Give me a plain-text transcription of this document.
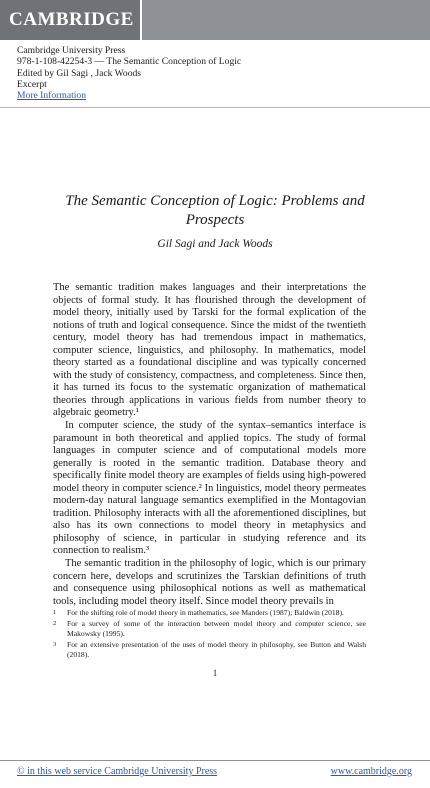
CAMBRIDGE
Cambridge University Press
978-1-108-42254-3 — The Semantic Conception of Logic
Edited by Gil Sagi , Jack Woods
Excerpt
More Information
The Semantic Conception of Logic: Problems and Prospects
Gil Sagi and Jack Woods

The semantic tradition makes languages and their interpretations the objects of formal study. It has flourished through the development of model theory, initially used by Tarski for the formal explication of the notions of truth and logical consequence. Since the midst of the twentieth century, model theory has had tremendous impact in mathematics, computer science, linguistics, and philosophy. In mathematics, model theory started as a foundational discipline and was typically concerned with the study of consistency, compactness, and completeness. Since then, it has turned its focus to the systematic organization of mathematical theories through applications in various fields from number theory to algebraic geometry.¹

In computer science, the study of the syntax–semantics interface is paramount in both theoretical and applied topics. The study of formal languages in computer science and of computational models more generally is rooted in the semantic tradition. Database theory and specifically finite model theory are examples of fields using high-powered model theory in computer science.² In linguistics, model theory permeates modern-day natural language semantics exemplified in the Montagovian tradition. Philosophy interacts with all the aforementioned disciplines, but also has its own connections to model theory in metaphysics and philosophy of science, in particular in studying reference and its connection to realism.³

The semantic tradition in the philosophy of logic, which is our primary concern here, develops and scrutinizes the Tarskian definitions of truth and consequence using philosophical notions as well as mathematical tools, including model theory itself. Since model theory prevails in

1 For the shifting role of model theory in mathematics, see Manders (1987); Baldwin (2018).
2 For a survey of some of the interaction between model theory and computer science, see Makowsky (1995).
3 For an extensive presentation of the uses of model theory in philosophy, see Button and Walsh (2018).
1
© in this web service Cambridge University Press	www.cambridge.org
